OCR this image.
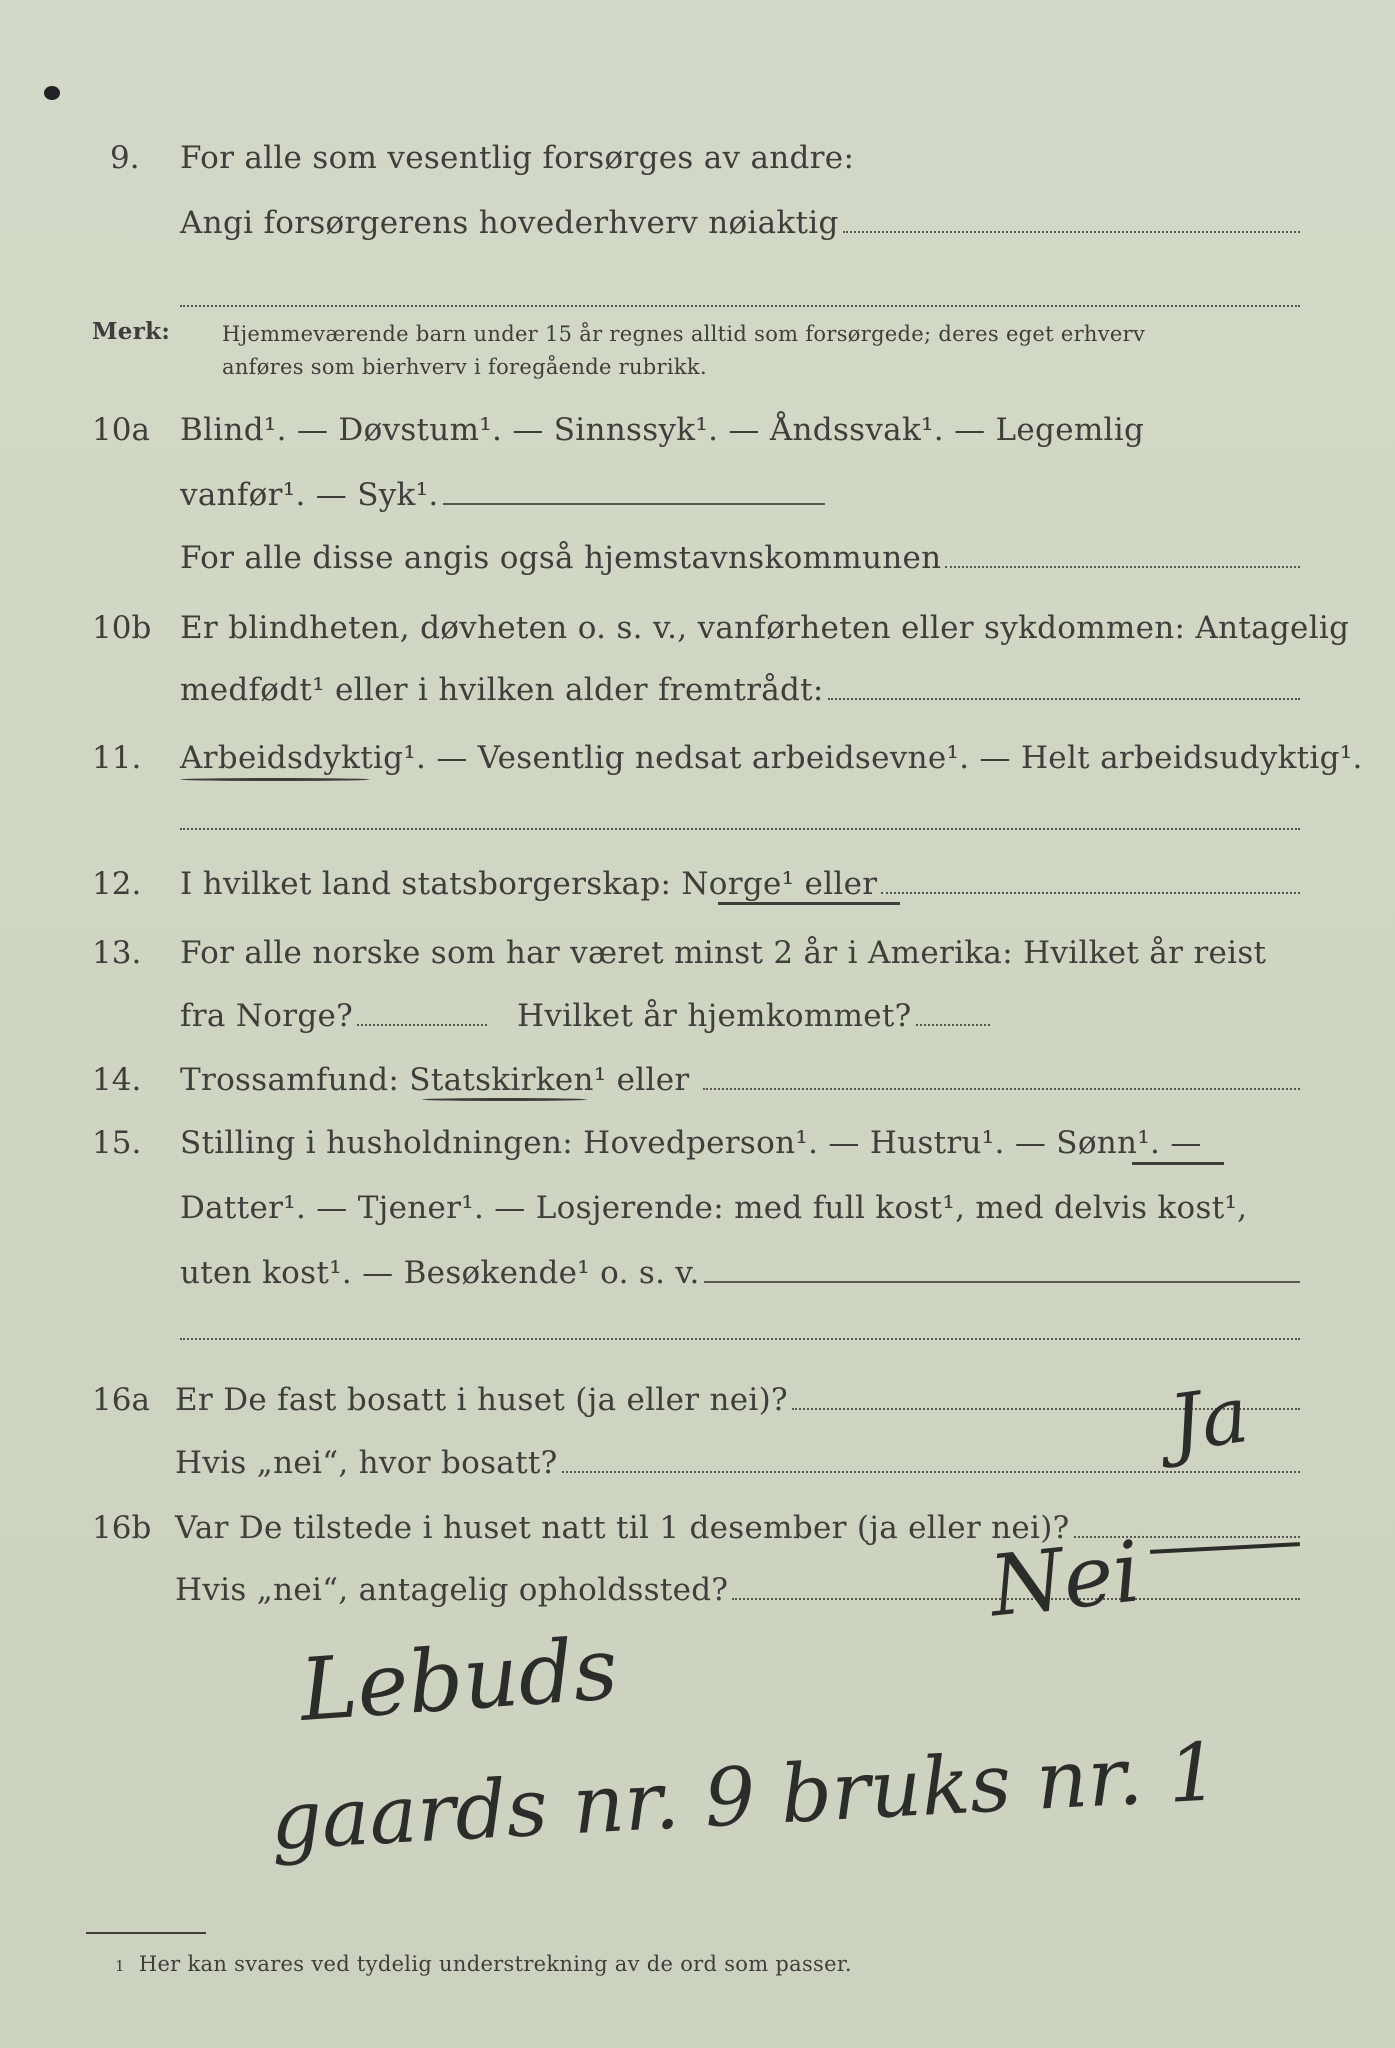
9. For alle som vesentlig forsørges av andre:
Angi forsørgerens hovederhverv nøiaktig
Merk: Hjemmeværende barn under 15 år regnes alltid som forsørgede; deres eget erhverv
anføres som bierhverv i foregående rubrikk.
10a Blind¹. — Døvstum¹. — Sinnssyk¹. — Åndssvak¹. — Legemlig
vanfør¹. — Syk¹.
For alle disse angis også hjemstavnskommunen
10b Er blindheten, døvheten o. s. v., vanførheten eller sykdommen: Antagelig
medfødt¹ eller i hvilken alder fremtrådt:
11. Arbeidsdyktig¹. — Vesentlig nedsat arbeidsevne¹. — Helt arbeidsudyktig¹.
12. I hvilket land statsborgerskap: Norge¹ eller
13. For alle norske som har været minst 2 år i Amerika: Hvilket år reist
fra Norge?	Hvilket år hjemkommet?
14. Trossamfund: Statskirken¹ eller
15. Stilling i husholdningen: Hovedperson¹. — Hustru¹. — Sønn¹. —
Datter¹. — Tjener¹. — Losjerende: med full kost¹, med delvis kost¹,
uten kost¹. — Besøkende¹ o. s. v.
16a Er De fast bosatt i huset (ja eller nei)?
Hvis „nei“, hvor bosatt?
16b Var De tilstede i huset natt til 1 desember (ja eller nei)?
Hvis „nei“, antagelig opholdssted?
Ja
Nei
Lebuds
gaards nr. 9 bruks nr. 1
1 Her kan svares ved tydelig understrekning av de ord som passer.
